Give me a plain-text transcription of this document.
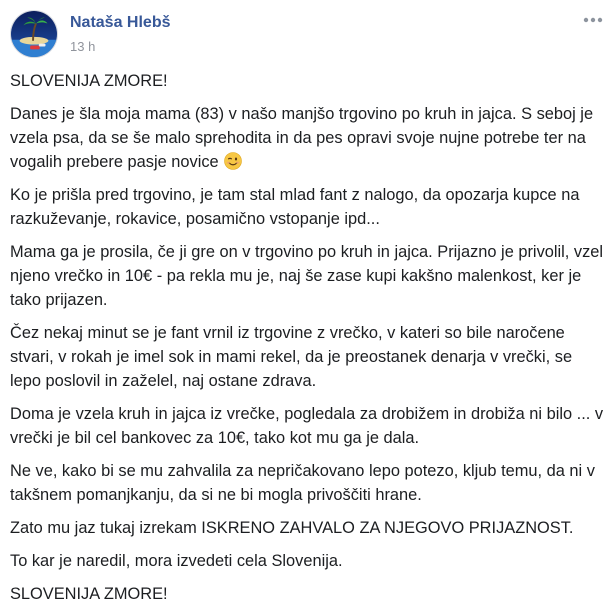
Nataša Hlebš
13 h

SLOVENIJA ZMORE!

Danes je šla moja mama (83) v našo manjšo trgovino po kruh in jajca. S seboj je vzela psa, da se še malo sprehodita in da pes opravi svoje nujne potrebe ter na vogalih prebere pasje novice

Ko je prišla pred trgovino, je tam stal mlad fant z nalogo, da opozarja kupce na razkuževanje, rokavice, posamično vstopanje ipd...

Mama ga je prosila, če ji gre on v trgovino po kruh in jajca. Prijazno je privolil, vzel njeno vrečko in 10€ - pa rekla mu je, naj še zase kupi kakšno malenkost, ker je tako prijazen.

Čez nekaj minut se je fant vrnil iz trgovine z vrečko, v kateri so bile naročene stvari, v rokah je imel sok in mami rekel, da je preostanek denarja v vrečki, se lepo poslovil in zaželel, naj ostane zdrava.

Doma je vzela kruh in jajca iz vrečke, pogledala za drobižem in drobiža ni bilo ... v vrečki je bil cel bankovec za 10€, tako kot mu ga je dala.

Ne ve, kako bi se mu zahvalila za nepričakovano lepo potezo, kljub temu, da ni v takšnem pomanjkanju, da si ne bi mogla privoščiti hrane.

Zato mu jaz tukaj izrekam ISKRENO ZAHVALO ZA NJEGOVO PRIJAZNOST.

To kar je naredil, mora izvedeti cela Slovenija.

SLOVENIJA ZMORE!
